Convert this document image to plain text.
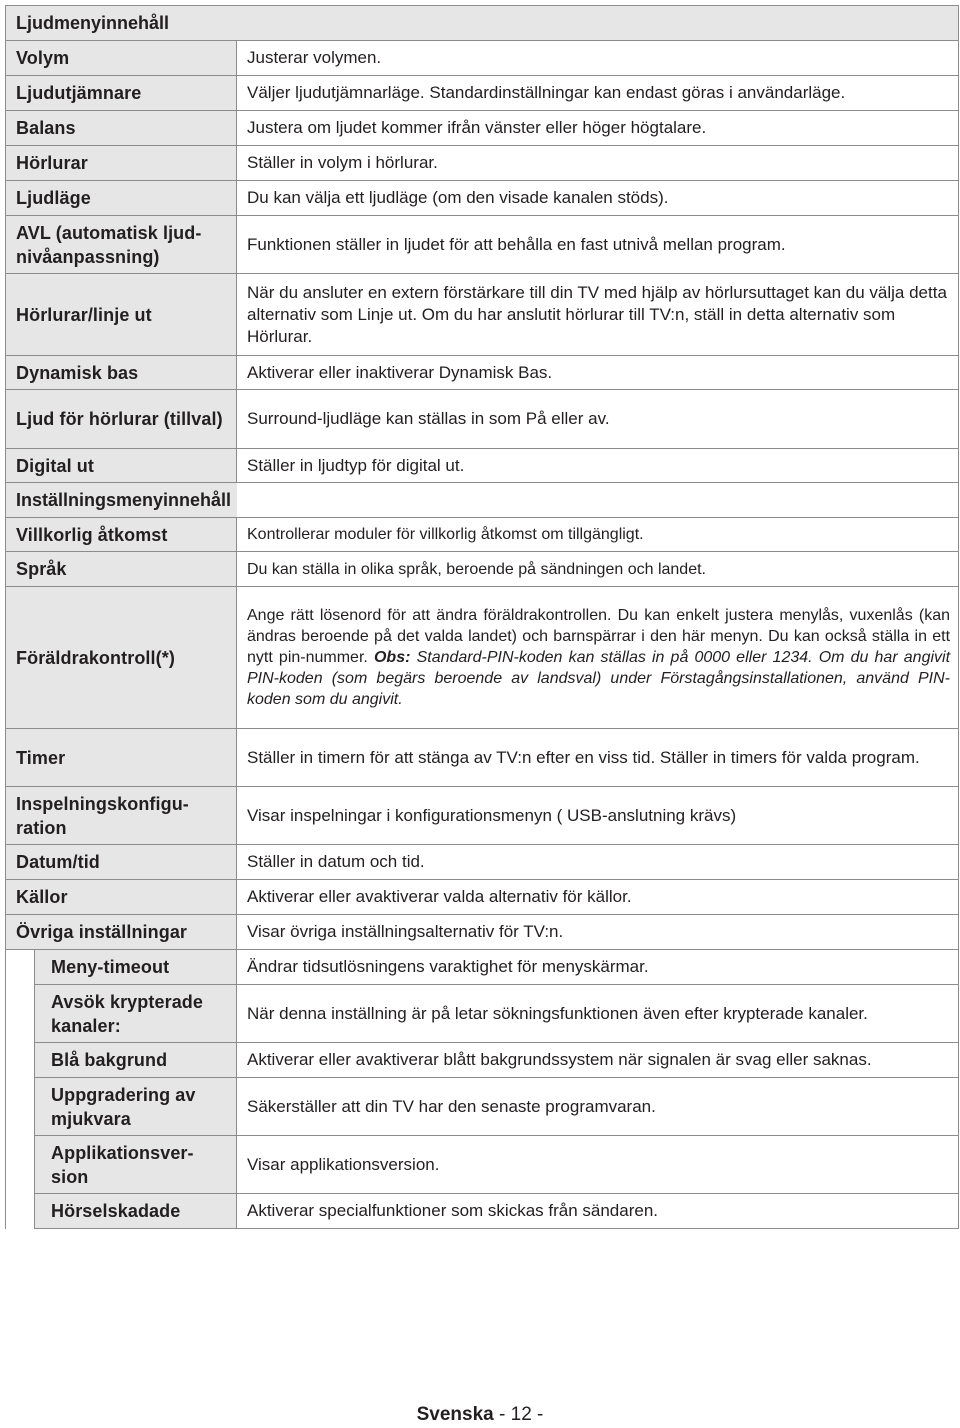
Ljudmenyinnehåll		
Volym		Justerar volymen.
Ljudutjämnare		Väljer ljudutjämnarläge. Standardinställningar kan endast göras i användarläge.
Balans		Justera om ljudet kommer ifrån vänster eller höger högtalare.
Hörlurar		Ställer in volym i hörlurar.
Ljudläge		Du kan välja ett ljudläge (om den visade kanalen stöds).
AVL (automatisk ljud-nivåanpassning)		Funktionen ställer in ljudet för att behålla en fast utnivå mellan program.
Hörlurar/linje ut		När du ansluter en extern förstärkare till din TV med hjälp av hörlursuttaget kan du välja detta alternativ som Linje ut. Om du har anslutit hörlurar till TV:n, ställ in detta alternativ som Hörlurar.
Dynamisk bas		Aktiverar eller inaktiverar Dynamisk Bas.
Ljud för hörlurar (tillval)		Surround-ljudläge kan ställas in som På eller av.
Digital ut		Ställer in ljudtyp för digital ut.
Inställningsmenyinnehåll		
Villkorlig åtkomst		Kontrollerar moduler för villkorlig åtkomst om tillgängligt.
Språk		Du kan ställa in olika språk, beroende på sändningen och landet.
Föräldrakontroll(*)		Ange rätt lösenord för att ändra föräldrakontrollen. Du kan enkelt justera menylås, vuxenlås (kan ändras beroende på det valda landet) och barnspärrar i den här menyn. Du kan också ställa in ett nytt pin-nummer. Obs: Standard-PIN-koden kan ställas in på 0000 eller 1234. Om du har angivit PIN-koden (som begärs beroende av landsval) under Förstagångsinstallationen, använd PIN-koden som du angivit.
Timer		Ställer in timern för att stänga av TV:n efter en viss tid. Ställer in timers för valda program.
Inspelningskonfigu-ration		Visar inspelningar i konfigurationsmenyn ( USB-anslutning krävs)
Datum/tid		Ställer in datum och tid.
Källor		Aktiverar eller avaktiverar valda alternativ för källor.
Övriga inställningar		Visar övriga inställningsalternativ för TV:n.
	Meny-timeout	Ändrar tidsutlösningens varaktighet för menyskärmar.
	Avsök krypterade kanaler:	När denna inställning är på letar sökningsfunktionen även efter krypterade kanaler.
	Blå bakgrund	Aktiverar eller avaktiverar blått bakgrundssystem när signalen är svag eller saknas.
	Uppgradering av mjukvara	Säkerställer att din TV har den senaste programvaran.
	Applikationsver-sion	Visar applikationsversion.
	Hörselskadade	Aktiverar specialfunktioner som skickas från sändaren.
Svenska - 12 -
